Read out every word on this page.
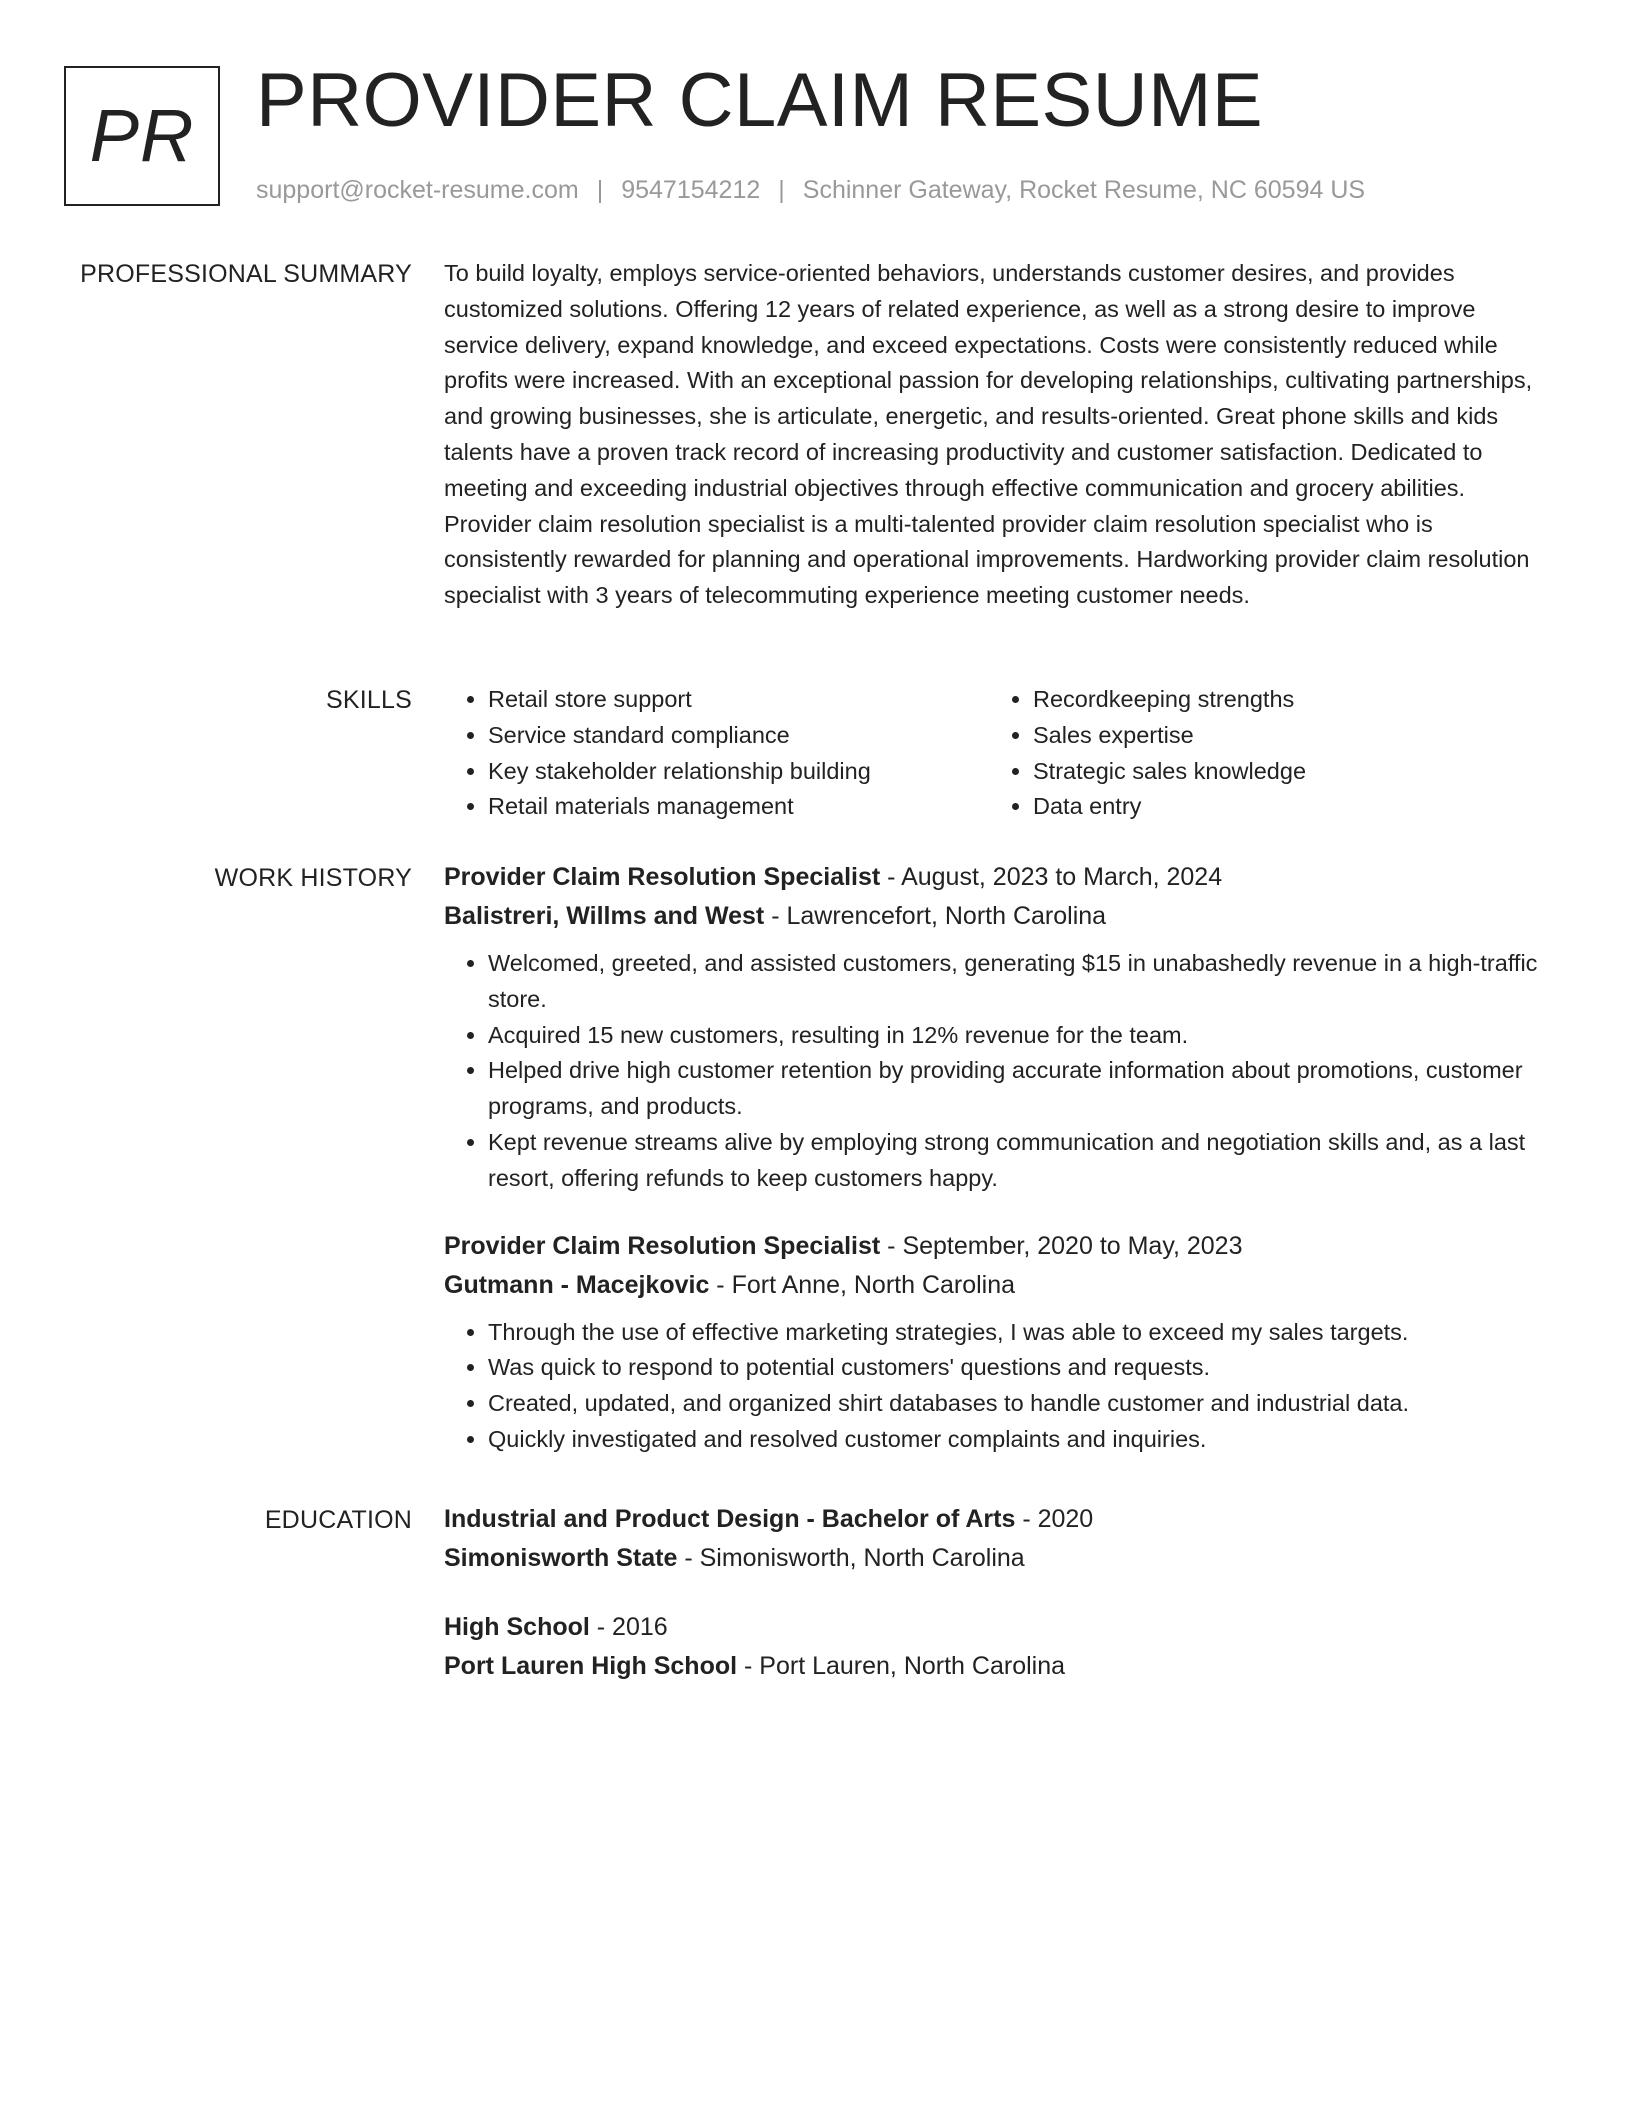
PR PROVIDER CLAIM RESUME
support@rocket-resume.com | 9547154212 | Schinner Gateway, Rocket Resume, NC 60594 US
PROFESSIONAL SUMMARY To build loyalty, employs service-oriented behaviors, understands customer desires, and provides customized solutions. Offering 12 years of related experience, as well as a strong desire to improve service delivery, expand knowledge, and exceed expectations. Costs were consistently reduced while profits were increased. With an exceptional passion for developing relationships, cultivating partnerships, and growing businesses, she is articulate, energetic, and results-oriented. Great phone skills and kids talents have a proven track record of increasing productivity and customer satisfaction. Dedicated to meeting and exceeding industrial objectives through effective communication and grocery abilities. Provider claim resolution specialist is a multi-talented provider claim resolution specialist who is consistently rewarded for planning and operational improvements. Hardworking provider claim resolution specialist with 3 years of telecommuting experience meeting customer needs.

SKILLS
•	Retail store support
• Service standard compliance
• Key stakeholder relationship building
• Retail materials management
• Recordkeeping strengths
• Sales expertise
• Strategic sales knowledge
• Data entry
WORK HISTORY Provider Claim Resolution Specialist - August, 2023 to March, 2024
Balistreri, Willms and West - Lawrencefort, North Carolina
• Welcomed, greeted, and assisted customers, generating $15 in unabashedly revenue in a high-traffic store.
• Acquired 15 new customers, resulting in 12% revenue for the team.
• Helped drive high customer retention by providing accurate information about promotions, customer programs, and products.
• Kept revenue streams alive by employing strong communication and negotiation skills and, as a last resort, offering refunds to keep customers happy.
Provider Claim Resolution Specialist - September, 2020 to May, 2023
Gutmann - Macejkovic - Fort Anne, North Carolina
• Through the use of effective marketing strategies, I was able to exceed my sales targets.
• Was quick to respond to potential customers' questions and requests.
• Created, updated, and organized shirt databases to handle customer and industrial data.
• Quickly investigated and resolved customer complaints and inquiries.
EDUCATION Industrial and Product Design - Bachelor of Arts - 2020
Simonisworth State - Simonisworth, North Carolina
High School - 2016
Port Lauren High School - Port Lauren, North Carolina
